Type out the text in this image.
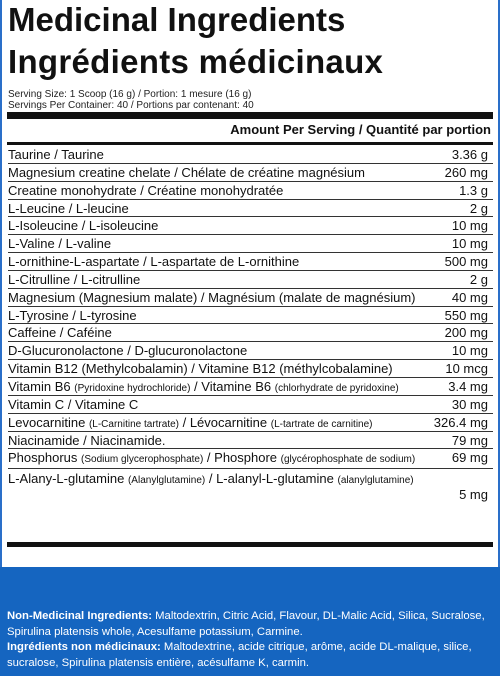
Medicinal Ingredients
Ingrédients médicinaux
Serving Size: 1 Scoop (16 g) / Portion: 1 mesure (16 g)
Servings Per Container: 40 / Portions par contenant: 40
Amount Per Serving / Quantité par portion
Taurine / Taurine	3.36 g
Magnesium creatine chelate / Chélate de créatine magnésium	260 mg
Creatine monohydrate / Créatine monohydratée	1.3 g
L-Leucine / L-leucine	2 g
L-Isoleucine / L-isoleucine	10 mg
L-Valine / L-valine	10 mg
L-ornithine-L-aspartate / L-aspartate de L-ornithine	500 mg
L-Citrulline / L-citrulline	2 g
Magnesium (Magnesium malate) / Magnésium (malate de magnésium)	40 mg
L-Tyrosine / L-tyrosine	550 mg
Caffeine / Caféine	200 mg
D-Glucuronolactone / D-glucuronolactone	10 mg
Vitamin B12 (Methylcobalamin) / Vitamine B12 (méthylcobalamine)	10 mcg
Vitamin B6 (Pyridoxine hydrochloride) / Vitamine B6 (chlorhydrate de pyridoxine)	3.4 mg
Vitamin C / Vitamine C	30 mg
Levocarnitine (L-Carnitine tartrate) / Lévocarnitine (L-tartrate de carnitine)	326.4 mg
Niacinamide / Niacinamide.	79 mg
Phosphorus (Sodium glycerophosphate) / Phosphore (glycérophosphate de sodium)	69 mg
L-Alany-L-glutamine (Alanylglutamine) / L-alanyl-L-glutamine (alanylglutamine)
5 mg
Non-Medicinal Ingredients: Maltodextrin, Citric Acid, Flavour, DL-Malic Acid, Silica, Sucralose, Spirulina platensis whole, Acesulfame potassium, Carmine.
Ingrédients non médicinaux: Maltodextrine, acide citrique, arôme, acide DL-malique, silice, sucralose, Spirulina platensis entière, acésulfame K, carmin.
